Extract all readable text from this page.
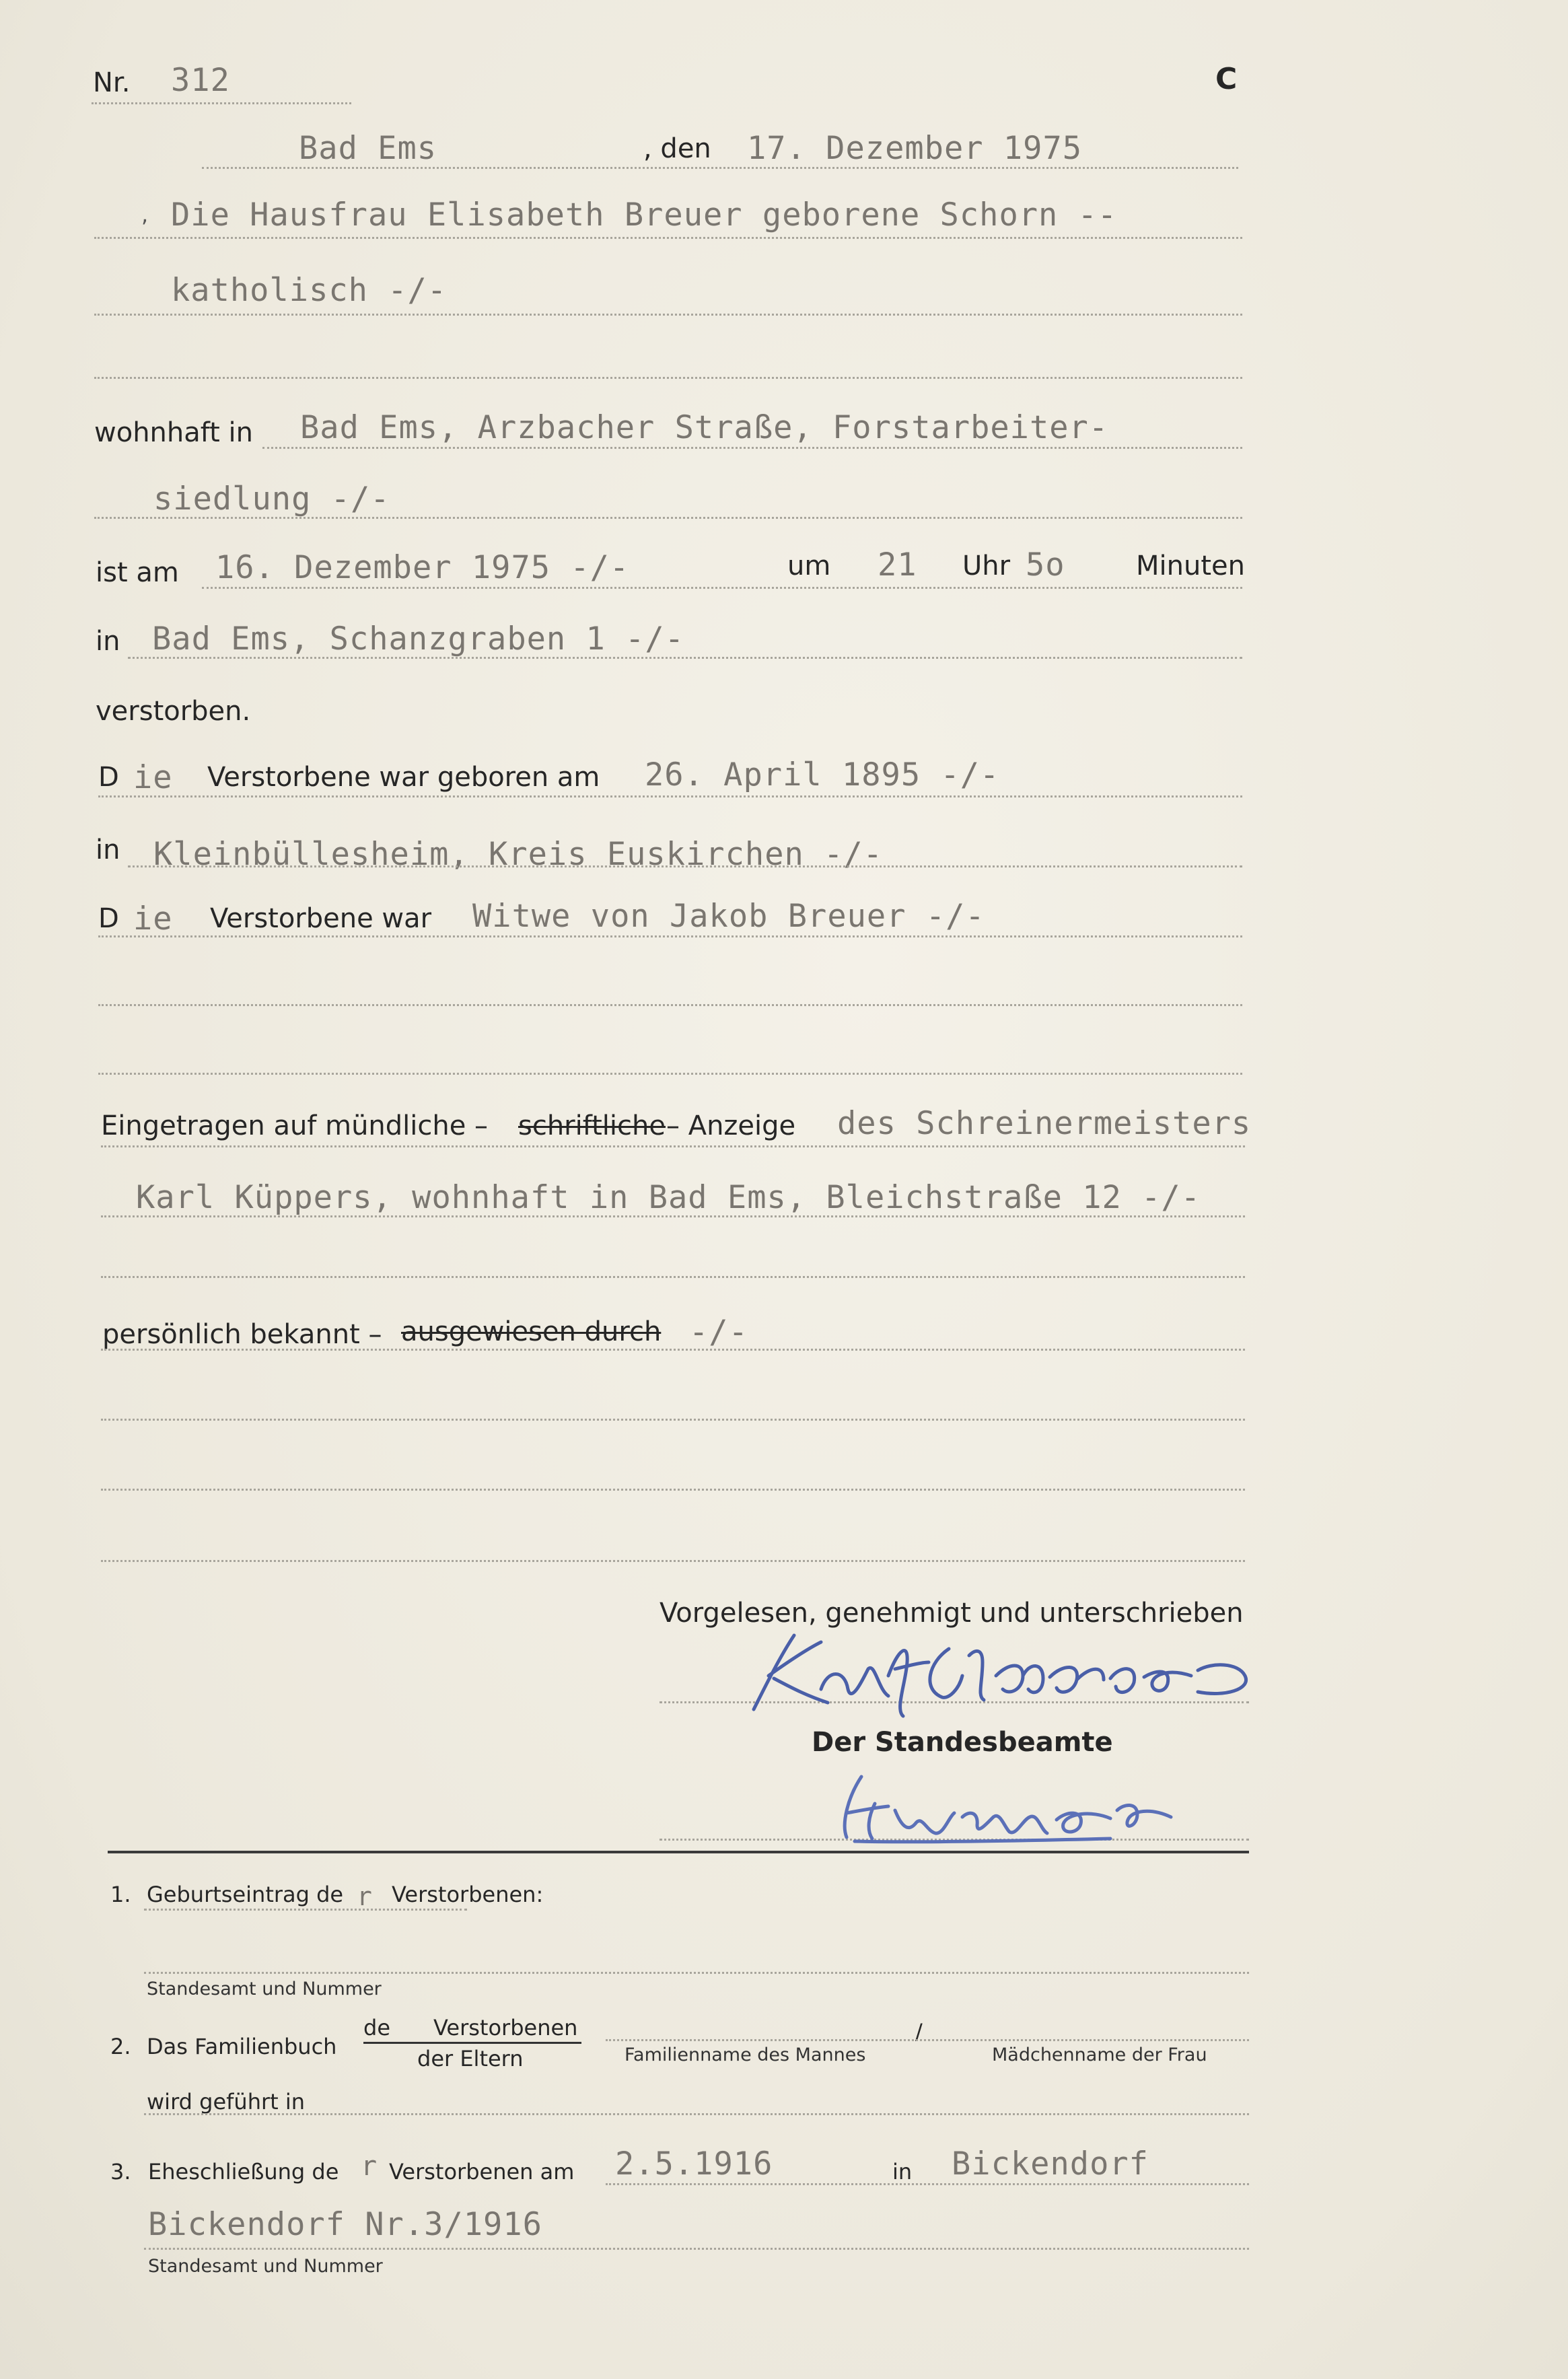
Nr. 312	C
Bad Ems	, den 17. Dezember 1975
, Die Hausfrau Elisabeth Breuer geborene Schorn --
katholisch -/-
wohnhaft in Bad Ems, Arzbacher Straße, Forstarbeiter-
siedlung -/-
ist am 16. Dezember 1975 -/-	um 21 Uhr 5o	Minuten
in Bad Ems, Schanzgraben 1 -/-
verstorben.
D ie Verstorbene war geboren am 26. April 1895 -/-
in Kleinbüllesheim, Kreis Euskirchen -/-
D ie Verstorbene war Witwe von Jakob Breuer -/-
Eingetragen auf mündliche – schriftliche – Anzeige des Schreinermeisters
Karl Küppers, wohnhaft in Bad Ems, Bleichstraße 12 -/-
persönlich bekannt – ausgewiesen durch -/-
Vorgelesen, genehmigt und unterschrieben
Der Standesbeamte
1. Geburtseintrag de r Verstorbenen:
Standesamt und Nummer
2. Das Familienbuch
de Verstorbenen
der Eltern	Familienname des Mannes
/
Mädchenname der Frau
wird geführt in
3. Eheschließung de r Verstorbenen am 2.5.1916	in Bickendorf
Bickendorf Nr.3/1916
Standesamt und Nummer
